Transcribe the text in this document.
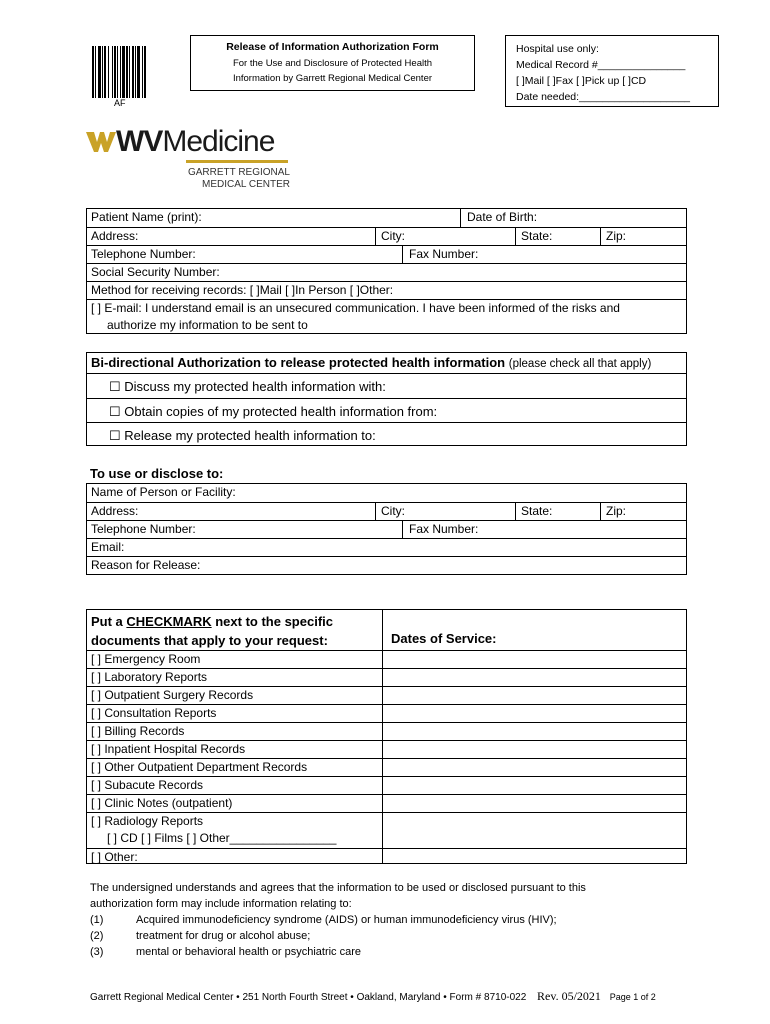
AF
Release of Information Authorization Form
For the Use and Disclosure of Protected Health
Information by Garrett Regional Medical Center
Hospital use only:
Medical Record #_______________
[ ]Mail [ ]Fax [ ]Pick up [ ]CD
Date needed:___________________
WVMedicine
GARRETT REGIONAL
MEDICAL CENTER
Patient Name (print):	Date of Birth:
Address:	City:	State:	Zip:
Telephone Number:	Fax Number:
Social Security Number:
Method for receiving records: [ ]Mail [ ]In Person [ ]Other:
[ ] E-mail: I understand email is an unsecured communication. I have been informed of the risks and
authorize my information to be sent to
Bi-directional Authorization to release protected health information (please check all that apply)
☐ Discuss my protected health information with:
☐ Obtain copies of my protected health information from:
☐ Release my protected health information to:
To use or disclose to:
Name of Person or Facility:
Address:	City:	State:	Zip:
Telephone Number:	Fax Number:
Email:
Reason for Release:
Put a CHECKMARK next to the specific
documents that apply to your request:	Dates of Service:
[ ] Emergency Room
[ ] Laboratory Reports
[ ] Outpatient Surgery Records
[ ] Consultation Reports
[ ] Billing Records
[ ] Inpatient Hospital Records
[ ] Other Outpatient Department Records
[ ] Subacute Records
[ ] Clinic Notes (outpatient)
[ ] Radiology Reports
[ ] CD [ ] Films [ ] Other________________
[ ] Other:
The undersigned understands and agrees that the information to be used or disclosed pursuant to this
authorization form may include information relating to:
(1)	Acquired immunodeficiency syndrome (AIDS) or human immunodeficiency virus (HIV);
(2)	treatment for drug or alcohol abuse;
(3)	mental or behavioral health or psychiatric care
Garrett Regional Medical Center • 251 North Fourth Street • Oakland, Maryland • Form # 8710-022 Rev. 05/2021 Page 1 of 2
